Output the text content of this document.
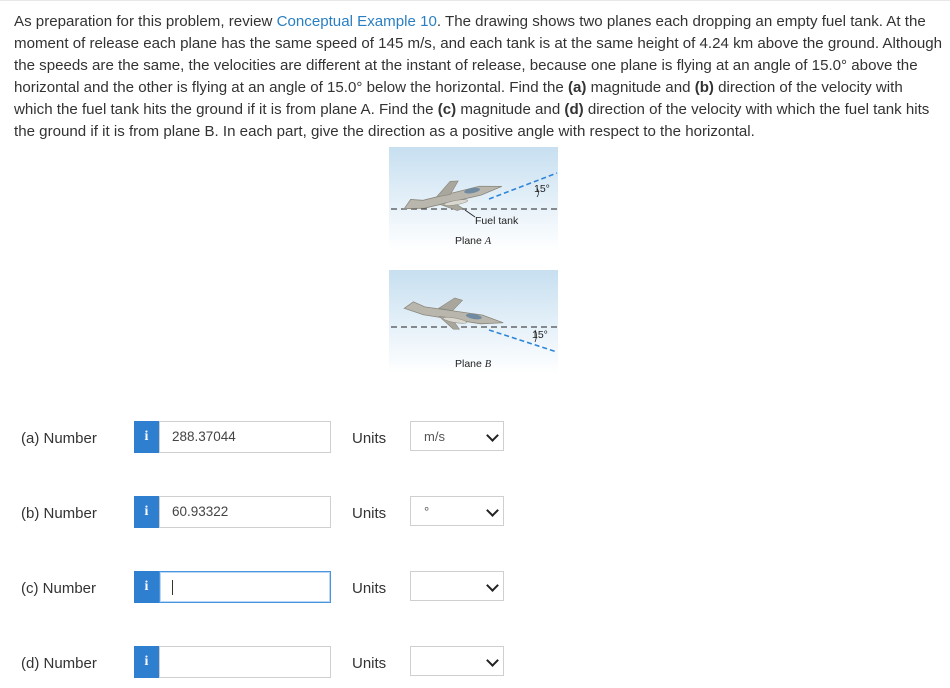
As preparation for this problem, review Conceptual Example 10. The drawing shows two planes each dropping an empty fuel tank. At the moment of release each plane has the same speed of 145 m/s, and each tank is at the same height of 4.24 km above the ground. Although the speeds are the same, the velocities are different at the instant of release, because one plane is flying at an angle of 15.0° above the horizontal and the other is flying at an angle of 15.0° below the horizontal. Find the (a) magnitude and (b) direction of the velocity with which the fuel tank hits the ground if it is from plane A. Find the (c) magnitude and (d) direction of the velocity with which the fuel tank hits the ground if it is from plane B. In each part, give the direction as a positive angle with respect to the horizontal.
15°
Fuel tank
Plane A
15°
Plane B
(a) Number	i	288.37044	Units	m/s
(b) Number	i	60.93322	Units	°
(c) Number	i	Units
(d) Number	i	Units
